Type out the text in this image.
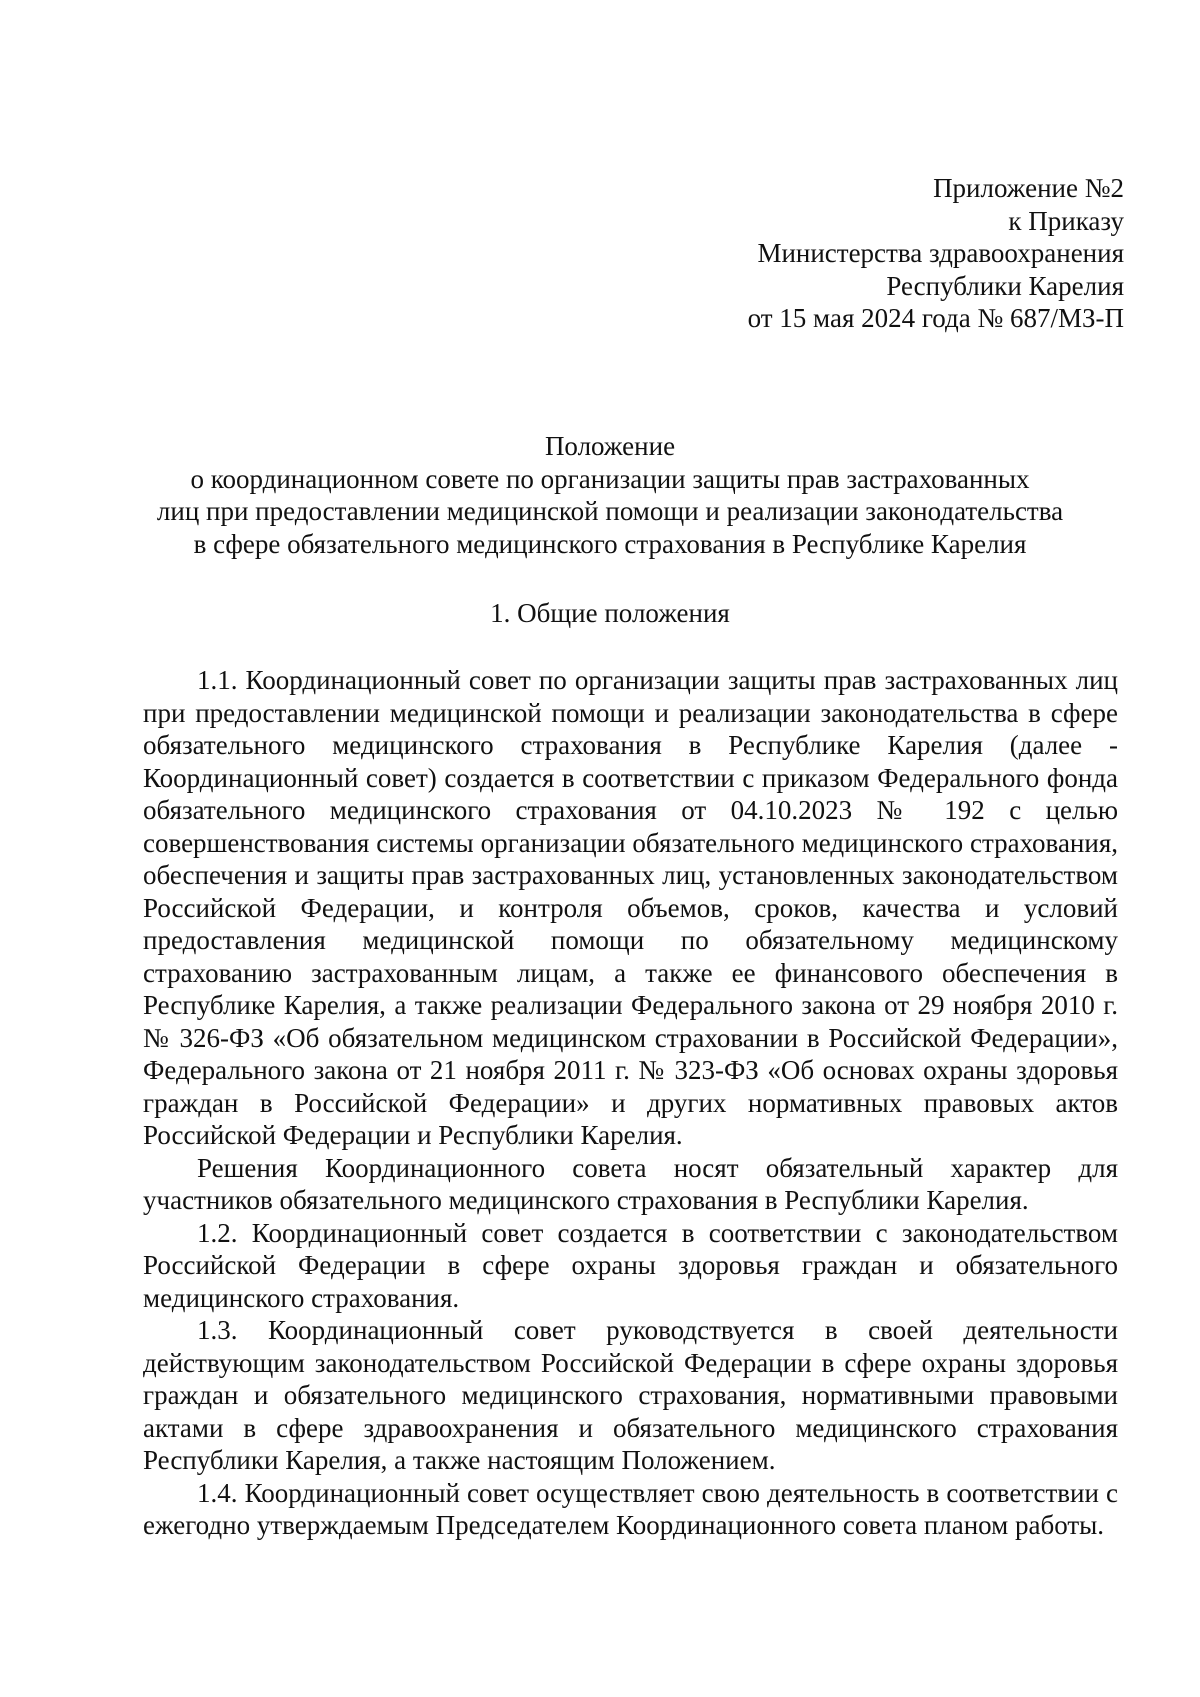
Приложение №2
к Приказу
Министерства здравоохранения
Республики Карелия
от 15 мая 2024 года № 687/МЗ-П
Положение
о координационном совете по организации защиты прав застрахованных
лиц при предоставлении медицинской помощи и реализации законодательства
в сфере обязательного медицинского страхования в Республике Карелия
1. Общие положения

1.1. Координационный совет по организации защиты прав застрахованных лиц при предоставлении медицинской помощи и реализации законодательства в сфере обязательного медицинского страхования в Республике Карелия (далее - Координационный совет) создается в соответствии с приказом Федерального фонда обязательного медицинского страхования от 04.10.2023 № 192 с целью совершенствования системы организации обязательного медицинского страхования, обеспечения и защиты прав застрахованных лиц, установленных законодательством Российской Федерации, и контроля объемов, сроков, качества и условий предоставления медицинской помощи по обязательному медицинскому страхованию застрахованным лицам, а также ее финансового обеспечения в Республике Карелия, а также реализации Федерального закона от 29 ноября 2010 г. № 326-ФЗ «Об обязательном медицинском страховании в Российской Федерации», Федерального закона от 21 ноября 2011 г. № 323-ФЗ «Об основах охраны здоровья граждан в Российской Федерации» и других нормативных правовых актов Российской Федерации и Республики Карелия.

Решения Координационного совета носят обязательный характер для участников обязательного медицинского страхования в Республики Карелия.

1.2. Координационный совет создается в соответствии с законодательством Российской Федерации в сфере охраны здоровья граждан и обязательного медицинского страхования.

1.3. Координационный совет руководствуется в своей деятельности действующим законодательством Российской Федерации в сфере охраны здоровья граждан и обязательного медицинского страхования, нормативными правовыми актами в сфере здравоохранения и обязательного медицинского страхования Республики Карелия, а также настоящим Положением.

1.4. Координационный совет осуществляет свою деятельность в соответствии с ежегодно утверждаемым Председателем Координационного совета планом работы.
